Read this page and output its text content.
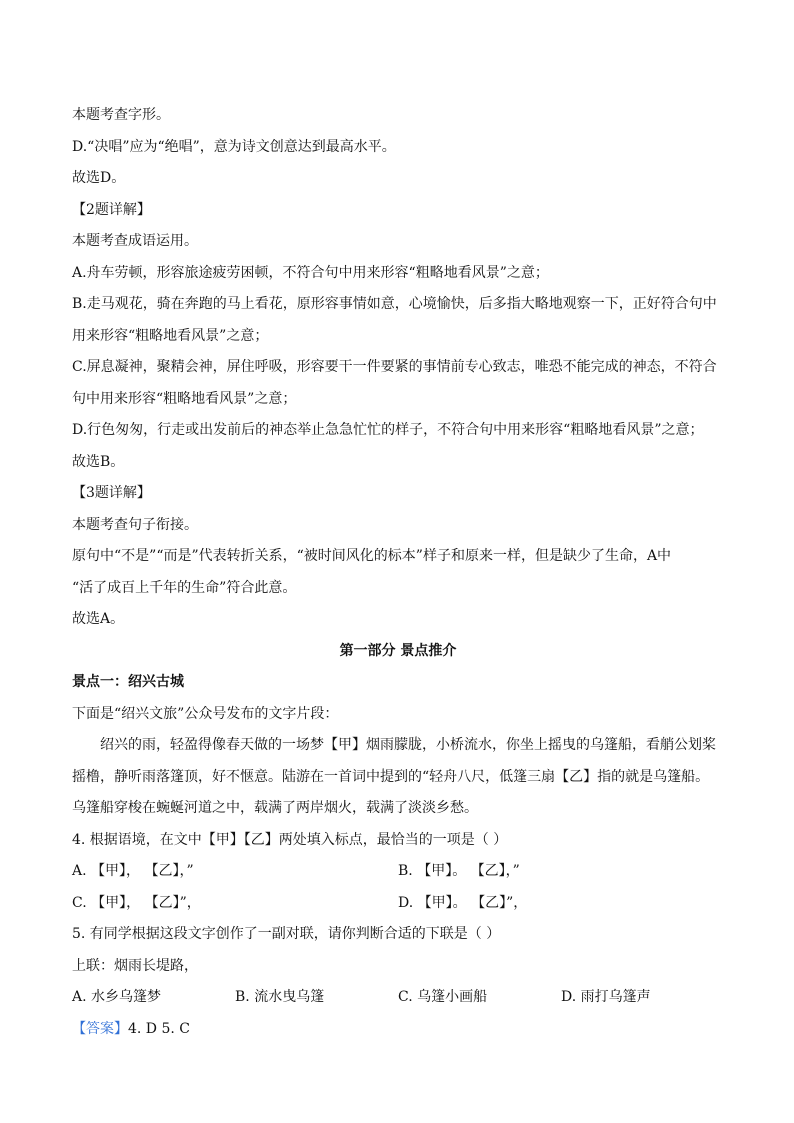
本题考查字形。
D.“决唱”应为“绝唱”，意为诗文创意达到最高水平。
故选D。
【2题详解】
本题考查成语运用。
A.舟车劳顿，形容旅途疲劳困顿，不符合句中用来形容“粗略地看风景”之意；
B.走马观花，骑在奔跑的马上看花，原形容事情如意，心境愉快，后多指大略地观察一下，正好符合句中
用来形容“粗略地看风景”之意；
C.屏息凝神，聚精会神，屏住呼吸，形容要干一件要紧的事情前专心致志，唯恐不能完成的神态，不符合
句中用来形容“粗略地看风景”之意；
D.行色匆匆，行走或出发前后的神态举止急急忙忙的样子，不符合句中用来形容“粗略地看风景”之意；
故选B。
【3题详解】
本题考查句子衔接。
原句中“不是”“而是”代表转折关系，“被时间风化的标本”样子和原来一样，但是缺少了生命，A中
“活了成百上千年的生命”符合此意。
故选A。
第一部分 景点推介
景点一：绍兴古城
下面是“绍兴文旅”公众号发布的文字片段：
绍兴的雨，轻盈得像春天做的一场梦【甲】烟雨朦胧，小桥流水，你坐上摇曳的乌篷船，看艄公划桨
摇橹，静听雨落篷顶，好不惬意。陆游在一首词中提到的“轻舟八尺，低篷三扇【乙】指的就是乌篷船。
乌篷船穿梭在蜿蜒河道之中，载满了两岸烟火，载满了淡淡乡愁。
4. 根据语境，在文中【甲】【乙】两处填入标点，最恰当的一项是（ ）
A. 【甲】， 【乙】，”	B. 【甲】。 【乙】，”
C. 【甲】， 【乙】”，	D. 【甲】。 【乙】”，
5. 有同学根据这段文字创作了一副对联，请你判断合适的下联是（ ）
上联：烟雨长堤路，
A. 水乡乌篷梦	B. 流水曳乌篷	C. 乌篷小画船	D. 雨打乌篷声
【答案】4. D 5. C
